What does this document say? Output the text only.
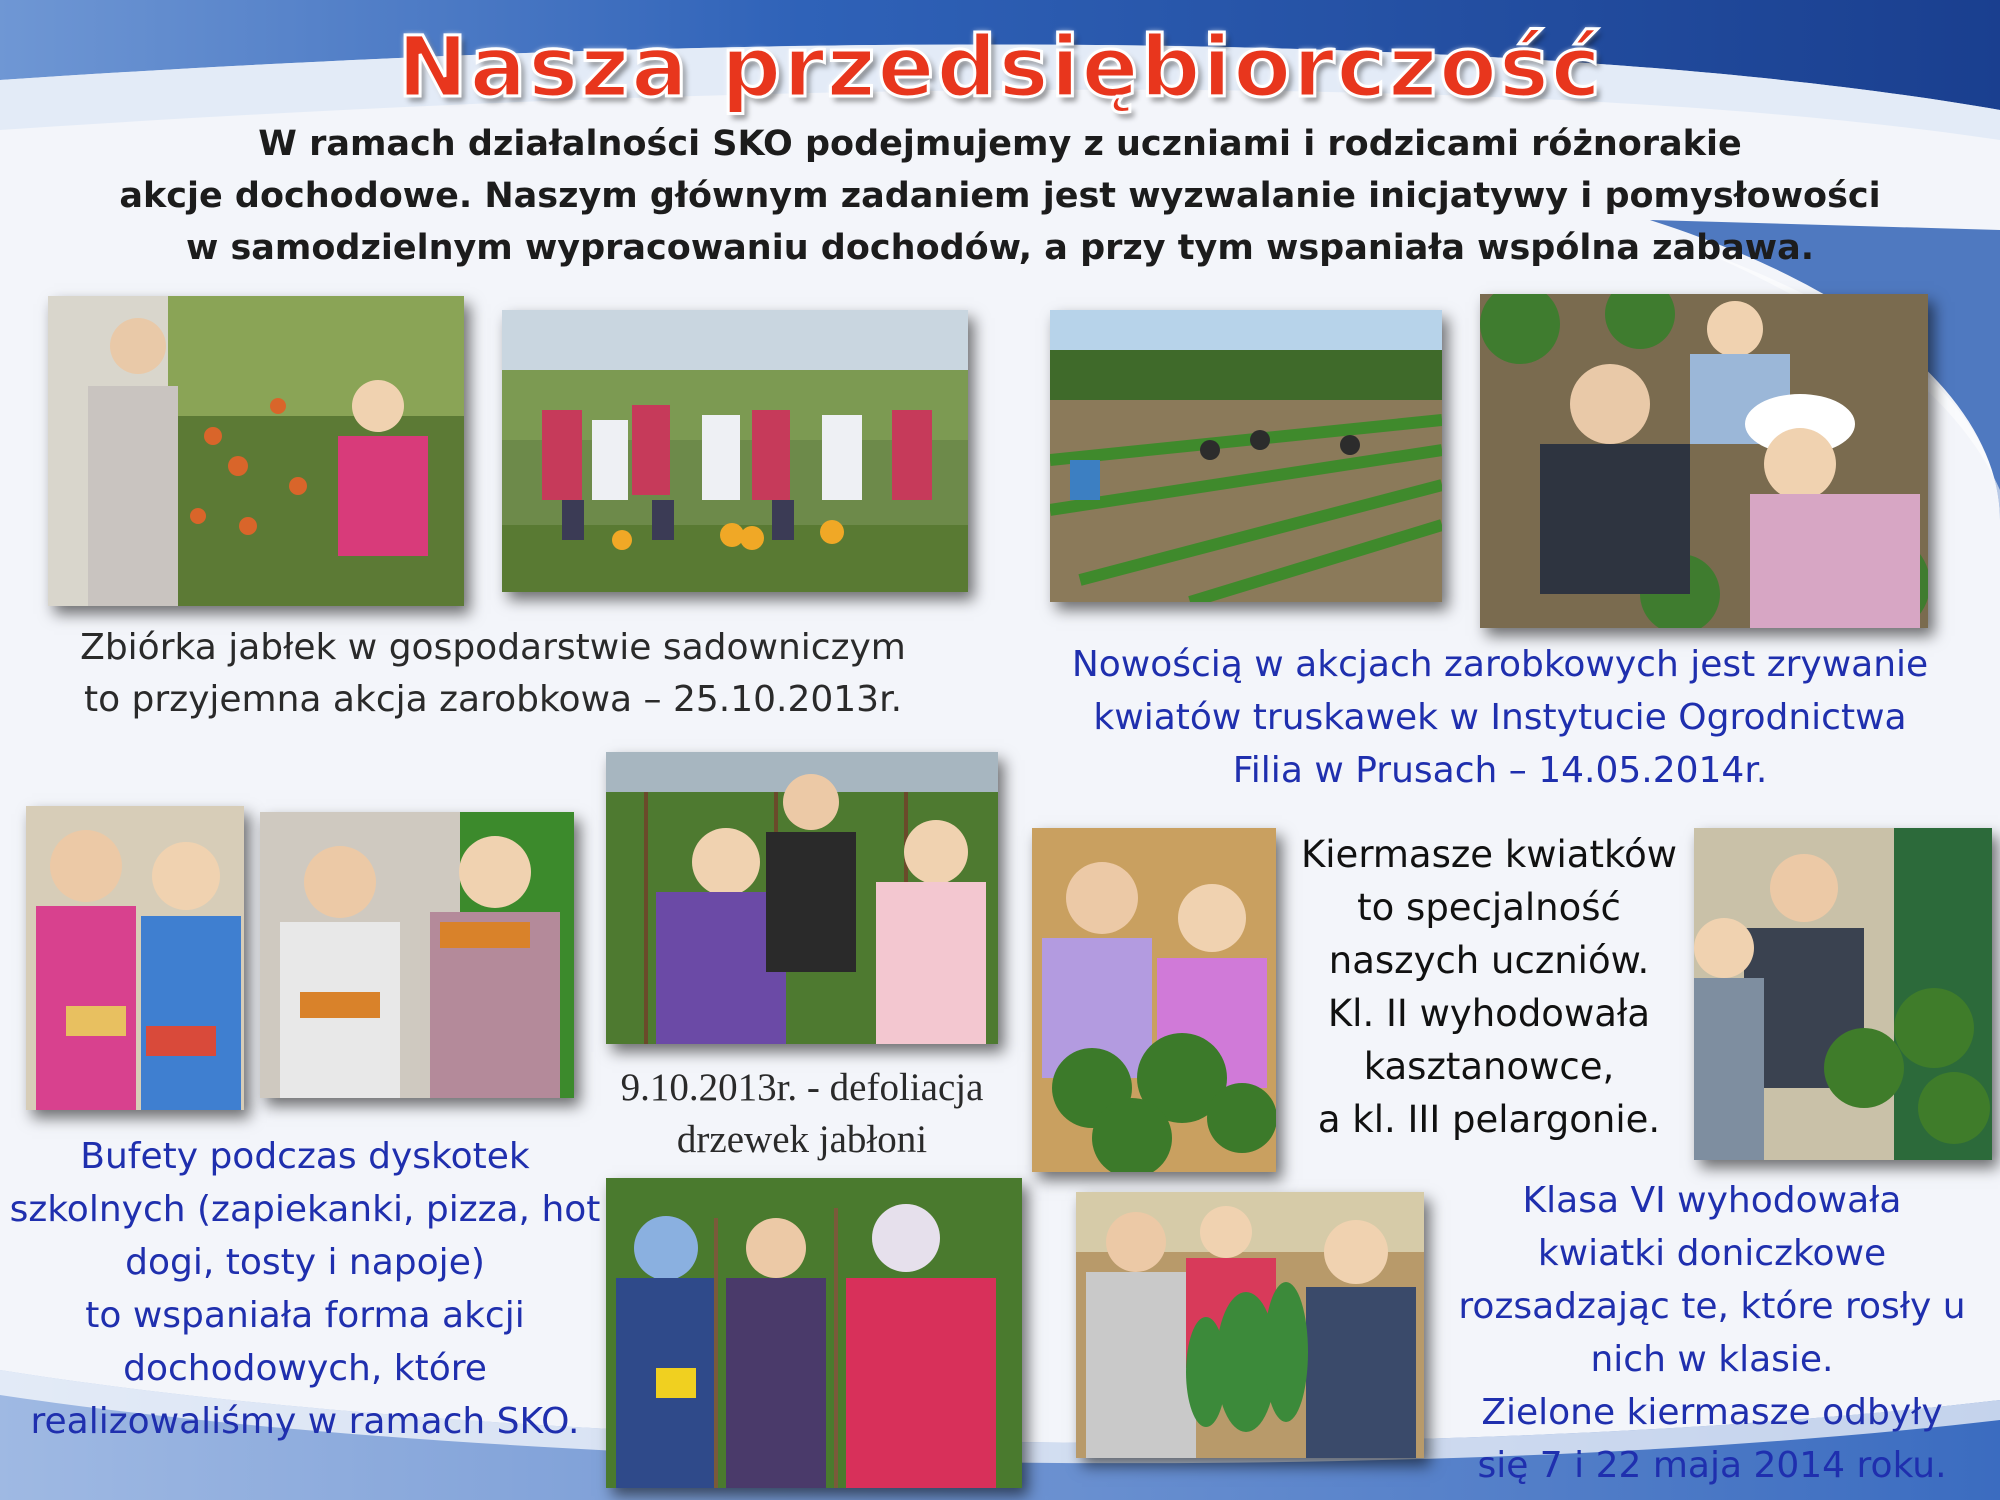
Nasza przedsiębiorczość
W ramach działalności SKO podejmujemy z uczniami i rodzicami różnorakie
akcje dochodowe. Naszym głównym zadaniem jest wyzwalanie inicjatywy i pomysłowości
w samodzielnym wypracowaniu dochodów, a przy tym wspaniała wspólna zabawa.
Zbiórka jabłek w gospodarstwie sadowniczym
to przyjemna akcja zarobkowa – 25.10.2013r.
Nowością w akcjach zarobkowych jest zrywanie
kwiatów truskawek w Instytucie Ogrodnictwa
Filia w Prusach – 14.05.2014r.
9.10.2013r. - defoliacja
drzewek jabłoni
Kiermasze kwiatków
to specjalność
naszych uczniów.
Kl. II wyhodowała
kasztanowce,
a kl. III pelargonie.
Bufety podczas dyskotek
szkolnych (zapiekanki, pizza, hot
dogi, tosty i napoje)
to wspaniała forma akcji
dochodowych, które
realizowaliśmy w ramach SKO.
Klasa VI wyhodowała
kwiatki doniczkowe
rozsadzając te, które rosły u
nich w klasie.
Zielone kiermasze odbyły
się 7 i 22 maja 2014 roku.
